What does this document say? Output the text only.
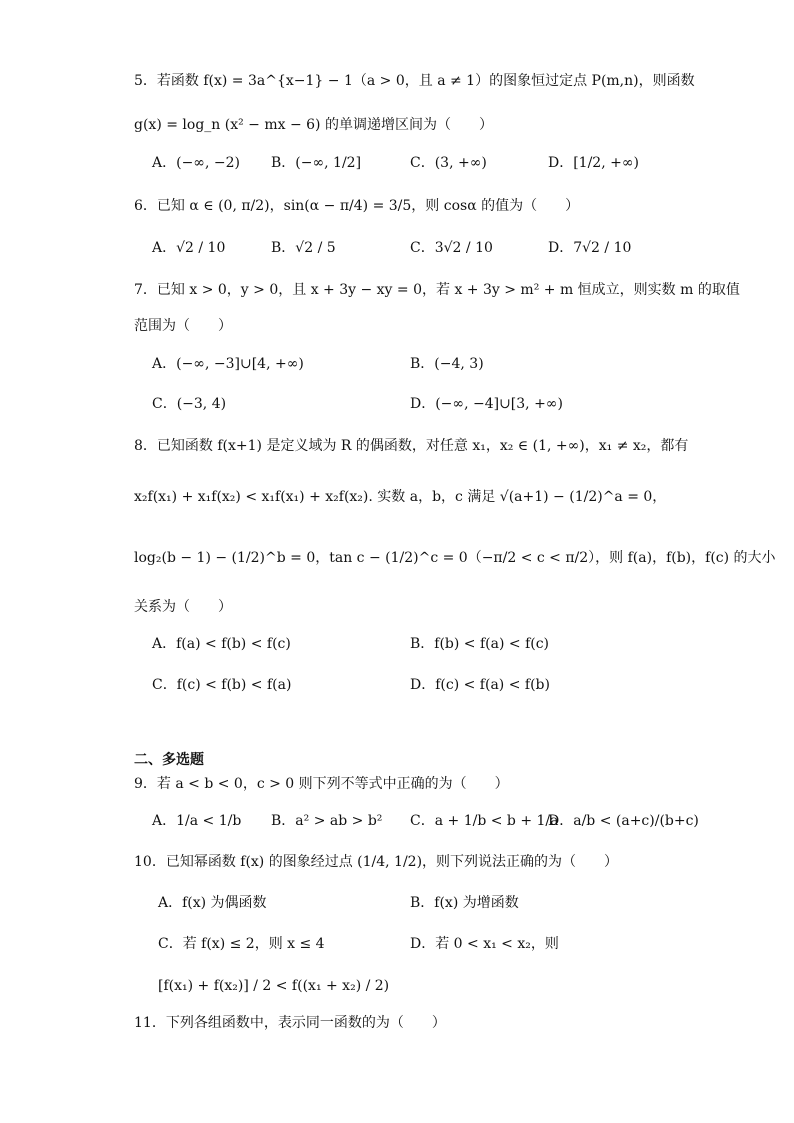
5．若函数 f(x) = 3a^{x−1} − 1（a > 0，且 a ≠ 1）的图象恒过定点 P(m,n)，则函数
g(x) = log_n (x² − mx − 6) 的单调递增区间为（　　）
A．(−∞, −2) B．(−∞, 1/2]	C．(3, +∞)	D．[1/2, +∞)
6．已知 α ∈ (0, π/2)，sin(α − π/4) = 3/5，则 cosα 的值为（　　）
A．√2 / 10	B．√2 / 5	C．3√2 / 10	D．7√2 / 10
7．已知 x > 0，y > 0，且 x + 3y − xy = 0，若 x + 3y > m² + m 恒成立，则实数 m 的取值
范围为（　　）
A．(−∞, −3]∪[4, +∞)	B．(−4, 3)
C．(−3, 4)	D．(−∞, −4]∪[3, +∞)
8．已知函数 f(x+1) 是定义域为 R 的偶函数，对任意 x₁，x₂ ∈ (1, +∞)，x₁ ≠ x₂，都有
x₂f(x₁) + x₁f(x₂) < x₁f(x₁) + x₂f(x₂). 实数 a，b，c 满足 √(a+1) − (1/2)^a = 0，
log₂(b − 1) − (1/2)^b = 0，tan c − (1/2)^c = 0（−π/2 < c < π/2），则 f(a)，f(b)，f(c) 的大小
关系为（　　）
A．f(a) < f(b) < f(c)	B．f(b) < f(a) < f(c)
C．f(c) < f(b) < f(a)	D．f(c) < f(a) < f(b)
二、多选题
9．若 a < b < 0，c > 0 则下列不等式中正确的为（　　）
A．1/a < 1/b B．a² > ab > b² C．a + 1/b < b + 1/a
D．a/b < (a+c)/(b+c)
10．已知幂函数 f(x) 的图象经过点 (1/4, 1/2)，则下列说法正确的为（　　）
A．f(x) 为偶函数	B．f(x) 为增函数
C．若 f(x) ≤ 2，则 x ≤ 4	D．若 0 < x₁ < x₂，则
[f(x₁) + f(x₂)] / 2 < f((x₁ + x₂) / 2)
11．下列各组函数中，表示同一函数的为（　　）
